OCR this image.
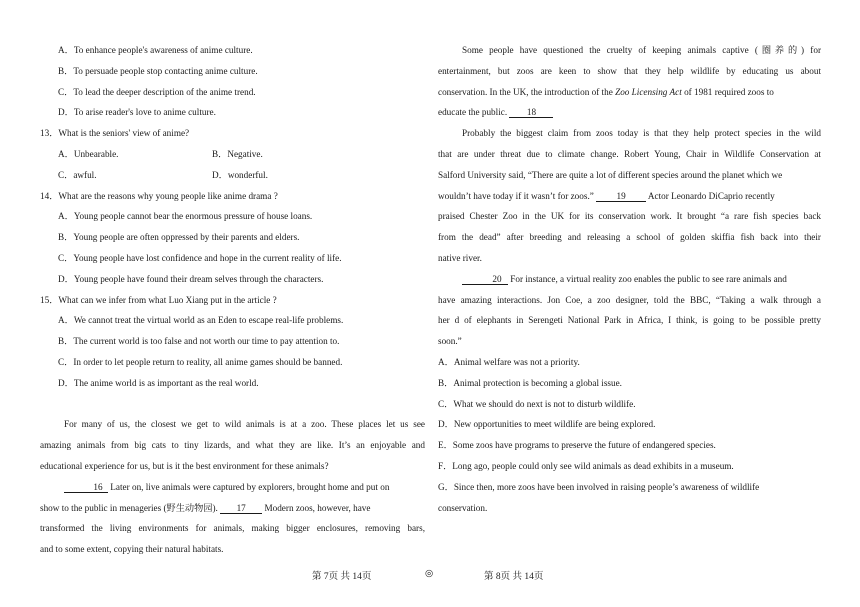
A．To enhance people's awareness of anime culture.
B．To persuade people stop contacting anime culture.
C．To lead the deeper description of the anime trend.
D．To arise reader's love to anime culture.
13．What is the seniors' view of anime?
A．Unbearable.	B．Negative.
C．awful.	D．wonderful.
14．What are the reasons why young people like anime drama ?
A．Young people cannot bear the enormous pressure of house loans.
B．Young people are often oppressed by their parents and elders.
C．Young people have lost confidence and hope in the current reality of life.
D．Young people have found their dream selves through the characters.
15．What can we infer from what Luo Xiang put in the article ?
A．We cannot treat the virtual world as an Eden to escape real-life problems.
B．The current world is too false and not worth our time to pay attention to.
C．In order to let people return to reality, all anime games should be banned.
D．The anime world is as important as the real world.
For many of us, the closest we get to wild animals is at a zoo. These places let us see
amazing animals from big cats to tiny lizards, and what they are like. It’s an enjoyable and
educational experience for us, but is it the best environment for these animals?
16 Later on, live animals were captured by explorers, brought home and put on
show to the public in menageries (野生动物园). 17 Modern zoos, however, have
transformed the living environments for animals, making bigger enclosures, removing bars,
and to some extent, copying their natural habitats.
Some people have questioned the cruelty of keeping animals captive (圈养的) for
entertainment, but zoos are keen to show that they help wildlife by educating us about
conservation. In the UK, the introduction of the Zoo Licensing Act of 1981 required zoos to
educate the public. 18
Probably the biggest claim from zoos today is that they help protect species in the wild
that are under threat due to climate change. Robert Young, Chair in Wildlife Conservation at
Salford University said, “There are quite a lot of different species around the planet which we
wouldn’t have today if it wasn’t for zoos.” 19 Actor Leonardo DiCaprio recently
praised Chester Zoo in the UK for its conservation work. It brought “a rare fish species back
from the dead” after breeding and releasing a school of golden skiffia fish back into their
native river.
20 For instance, a virtual reality zoo enables the public to see rare animals and
have amazing interactions. Jon Coe, a zoo designer, told the BBC, “Taking a walk through a
her d of elephants in Serengeti National Park in Africa, I think, is going to be possible pretty
soon.”
A．Animal welfare was not a priority.
B．Animal protection is becoming a global issue.
C．What we should do next is not to disturb wildlife.
D．New opportunities to meet wildlife are being explored.
E．Some zoos have programs to preserve the future of endangered species.
F．Long ago, people could only see wild animals as dead exhibits in a museum.
G．Since then, more zoos have been involved in raising people’s awareness of wildlife
conservation.
第 7页 共 14页	◎	第 8页 共 14页
